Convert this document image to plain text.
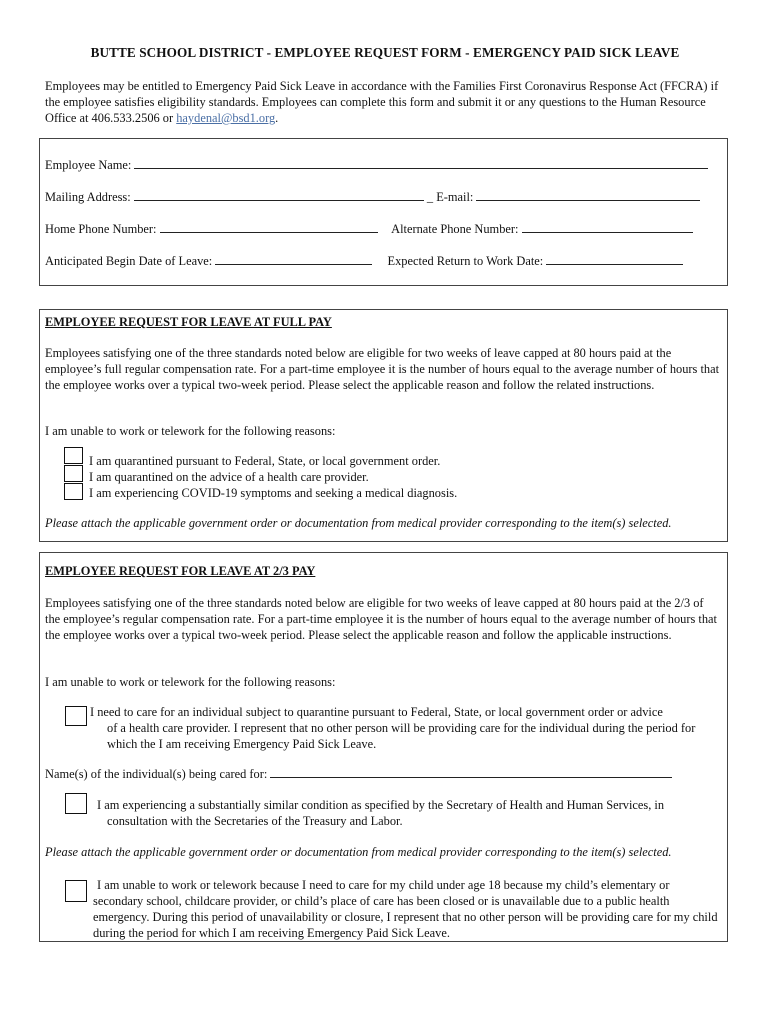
BUTTE SCHOOL DISTRICT - EMPLOYEE REQUEST FORM - EMERGENCY PAID SICK LEAVE
Employees may be entitled to Emergency Paid Sick Leave in accordance with the Families First Coronavirus Response Act (FFCRA) if the employee satisfies eligibility standards. Employees can complete this form and submit it or any questions to the Human Resource Office at 406.533.2506 or haydenal@bsd1.org.
Employee Name:
Mailing Address:	_ E-mail:
Home Phone Number:	Alternate Phone Number:
Anticipated Begin Date of Leave:	Expected Return to Work Date:
EMPLOYEE REQUEST FOR LEAVE AT FULL PAY
Employees satisfying one of the three standards noted below are eligible for two weeks of leave capped at 80 hours paid at the employee’s full regular compensation rate. For a part-time employee it is the number of hours equal to the average number of hours that the employee works over a typical two-week period. Please select the applicable reason and follow the related instructions.
I am unable to work or telework for the following reasons:
I am quarantined pursuant to Federal, State, or local government order.
I am quarantined on the advice of a health care provider.
I am experiencing COVID-19 symptoms and seeking a medical diagnosis.
Please attach the applicable government order or documentation from medical provider corresponding to the item(s) selected.
EMPLOYEE REQUEST FOR LEAVE AT 2/3 PAY
Employees satisfying one of the three standards noted below are eligible for two weeks of leave capped at 80 hours paid at the 2/3 of the employee’s regular compensation rate. For a part-time employee it is the number of hours equal to the average number of hours that the employee works over a typical two-week period. Please select the applicable reason and follow the applicable instructions.
I am unable to work or telework for the following reasons:
I need to care for an individual subject to quarantine pursuant to Federal, State, or local government order or advice
of a health care provider. I represent that no other person will be providing care for the individual during the period for which the I am receiving Emergency Paid Sick Leave.
Name(s) of the individual(s) being cared for:
I am experiencing a substantially similar condition as specified by the Secretary of Health and Human Services, in
consultation with the Secretaries of the Treasury and Labor.
Please attach the applicable government order or documentation from medical provider corresponding to the item(s) selected.
I am unable to work or telework because I need to care for my child under age 18 because my child’s elementary or
secondary school, childcare provider, or child’s place of care has been closed or is unavailable due to a public health emergency. During this period of unavailability or closure, I represent that no other person will be providing care for my child during the period for which I am receiving Emergency Paid Sick Leave.
